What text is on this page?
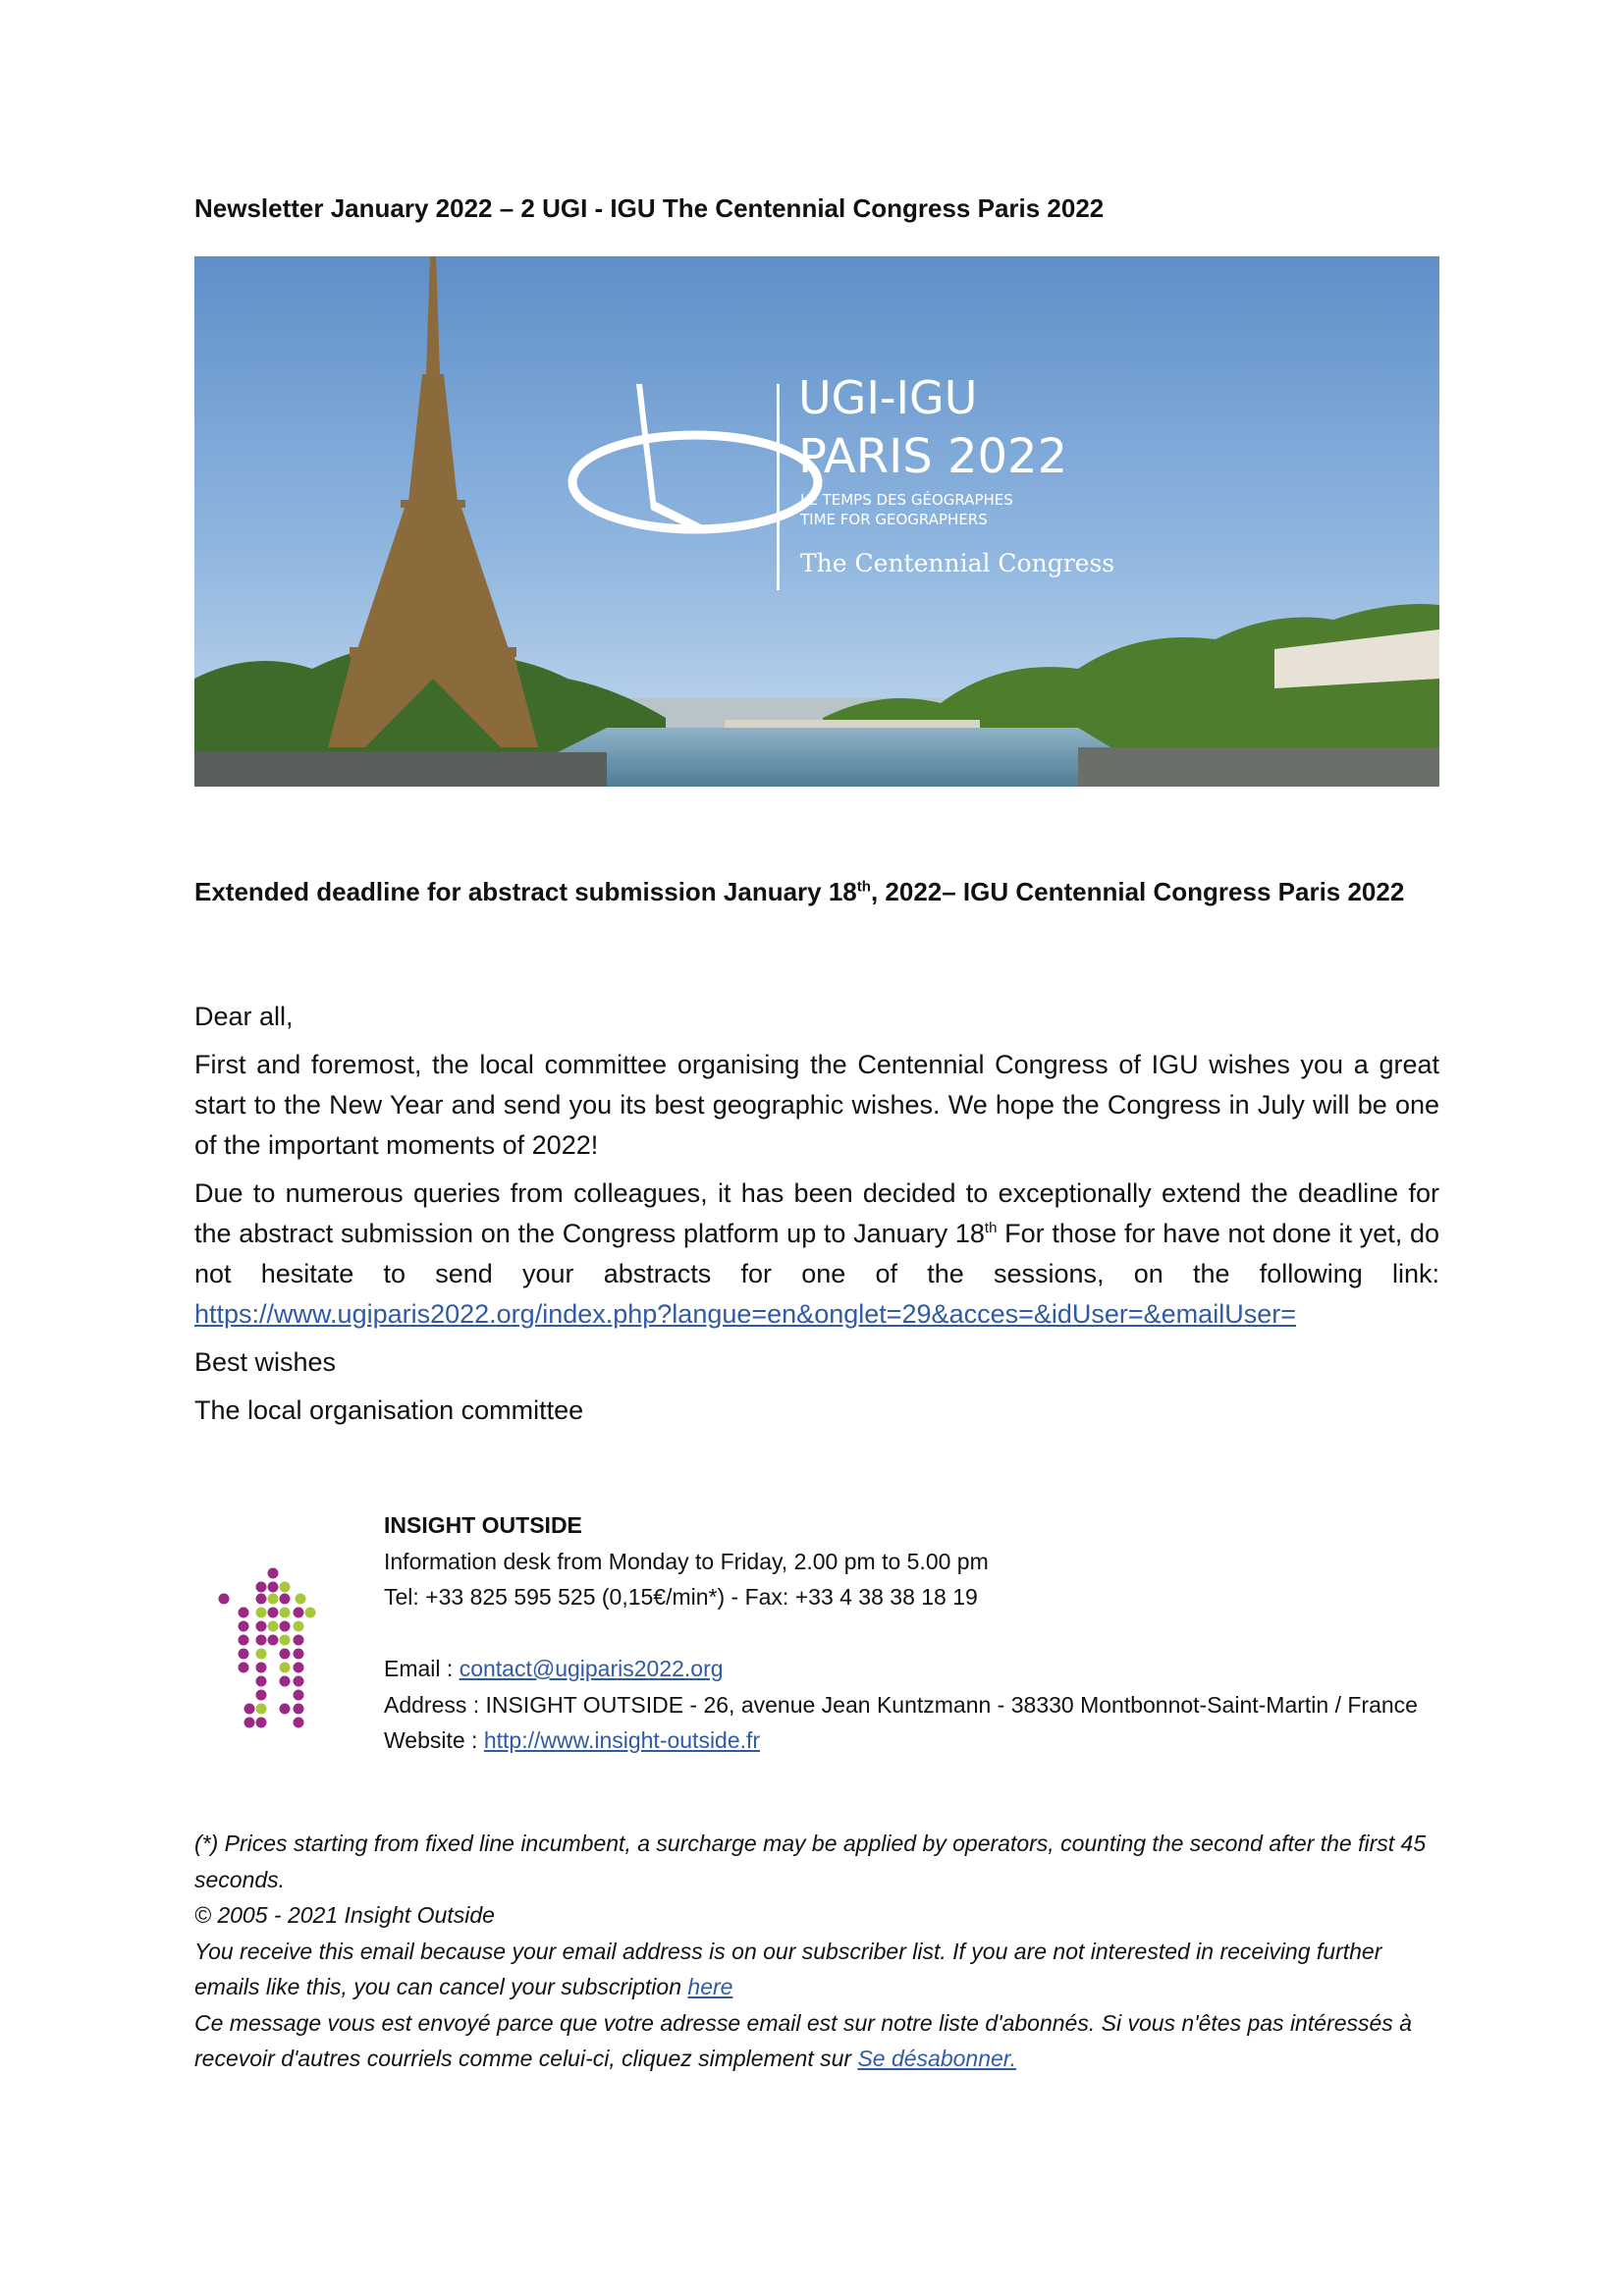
Newsletter January 2022 – 2 UGI - IGU The Centennial Congress Paris 2022
UGI-IGU
PARIS 2022
LE TEMPS DES GÉOGRAPHES
TIME FOR GEOGRAPHERS
The Centennial Congress
Extended deadline for abstract submission January 18th, 2022– IGU Centennial Congress Paris 2022

Dear all,

First and foremost, the local committee organising the Centennial Congress of IGU wishes you a great start to the New Year and send you its best geographic wishes. We hope the Congress in July will be one of the important moments of 2022!

Due to numerous queries from colleagues, it has been decided to exceptionally extend the deadline for the abstract submission on the Congress platform up to January 18th For those for have not done it yet, do not hesitate to send your abstracts for one of the sessions, on the following link: https://www.ugiparis2022.org/index.php?langue=en&onglet=29&acces=&idUser=&emailUser=

Best wishes

The local organisation committee

INSIGHT OUTSIDE
Information desk from Monday to Friday, 2.00 pm to 5.00 pm
Tel: +33 825 595 525 (0,15€/min*) - Fax: +33 4 38 38 18 19

Email : contact@ugiparis2022.org
Address : INSIGHT OUTSIDE - 26, avenue Jean Kuntzmann - 38330 Montbonnot-Saint-Martin / France
Website : http://www.insight-outside.fr
(*) Prices starting from fixed line incumbent, a surcharge may be applied by operators, counting the second after the first 45 seconds.
© 2005 - 2021 Insight Outside
You receive this email because your email address is on our subscriber list. If you are not interested in receiving further emails like this, you can cancel your subscription here
Ce message vous est envoyé parce que votre adresse email est sur notre liste d'abonnés. Si vous n'êtes pas intéressés à recevoir d'autres courriels comme celui-ci, cliquez simplement sur Se désabonner.
